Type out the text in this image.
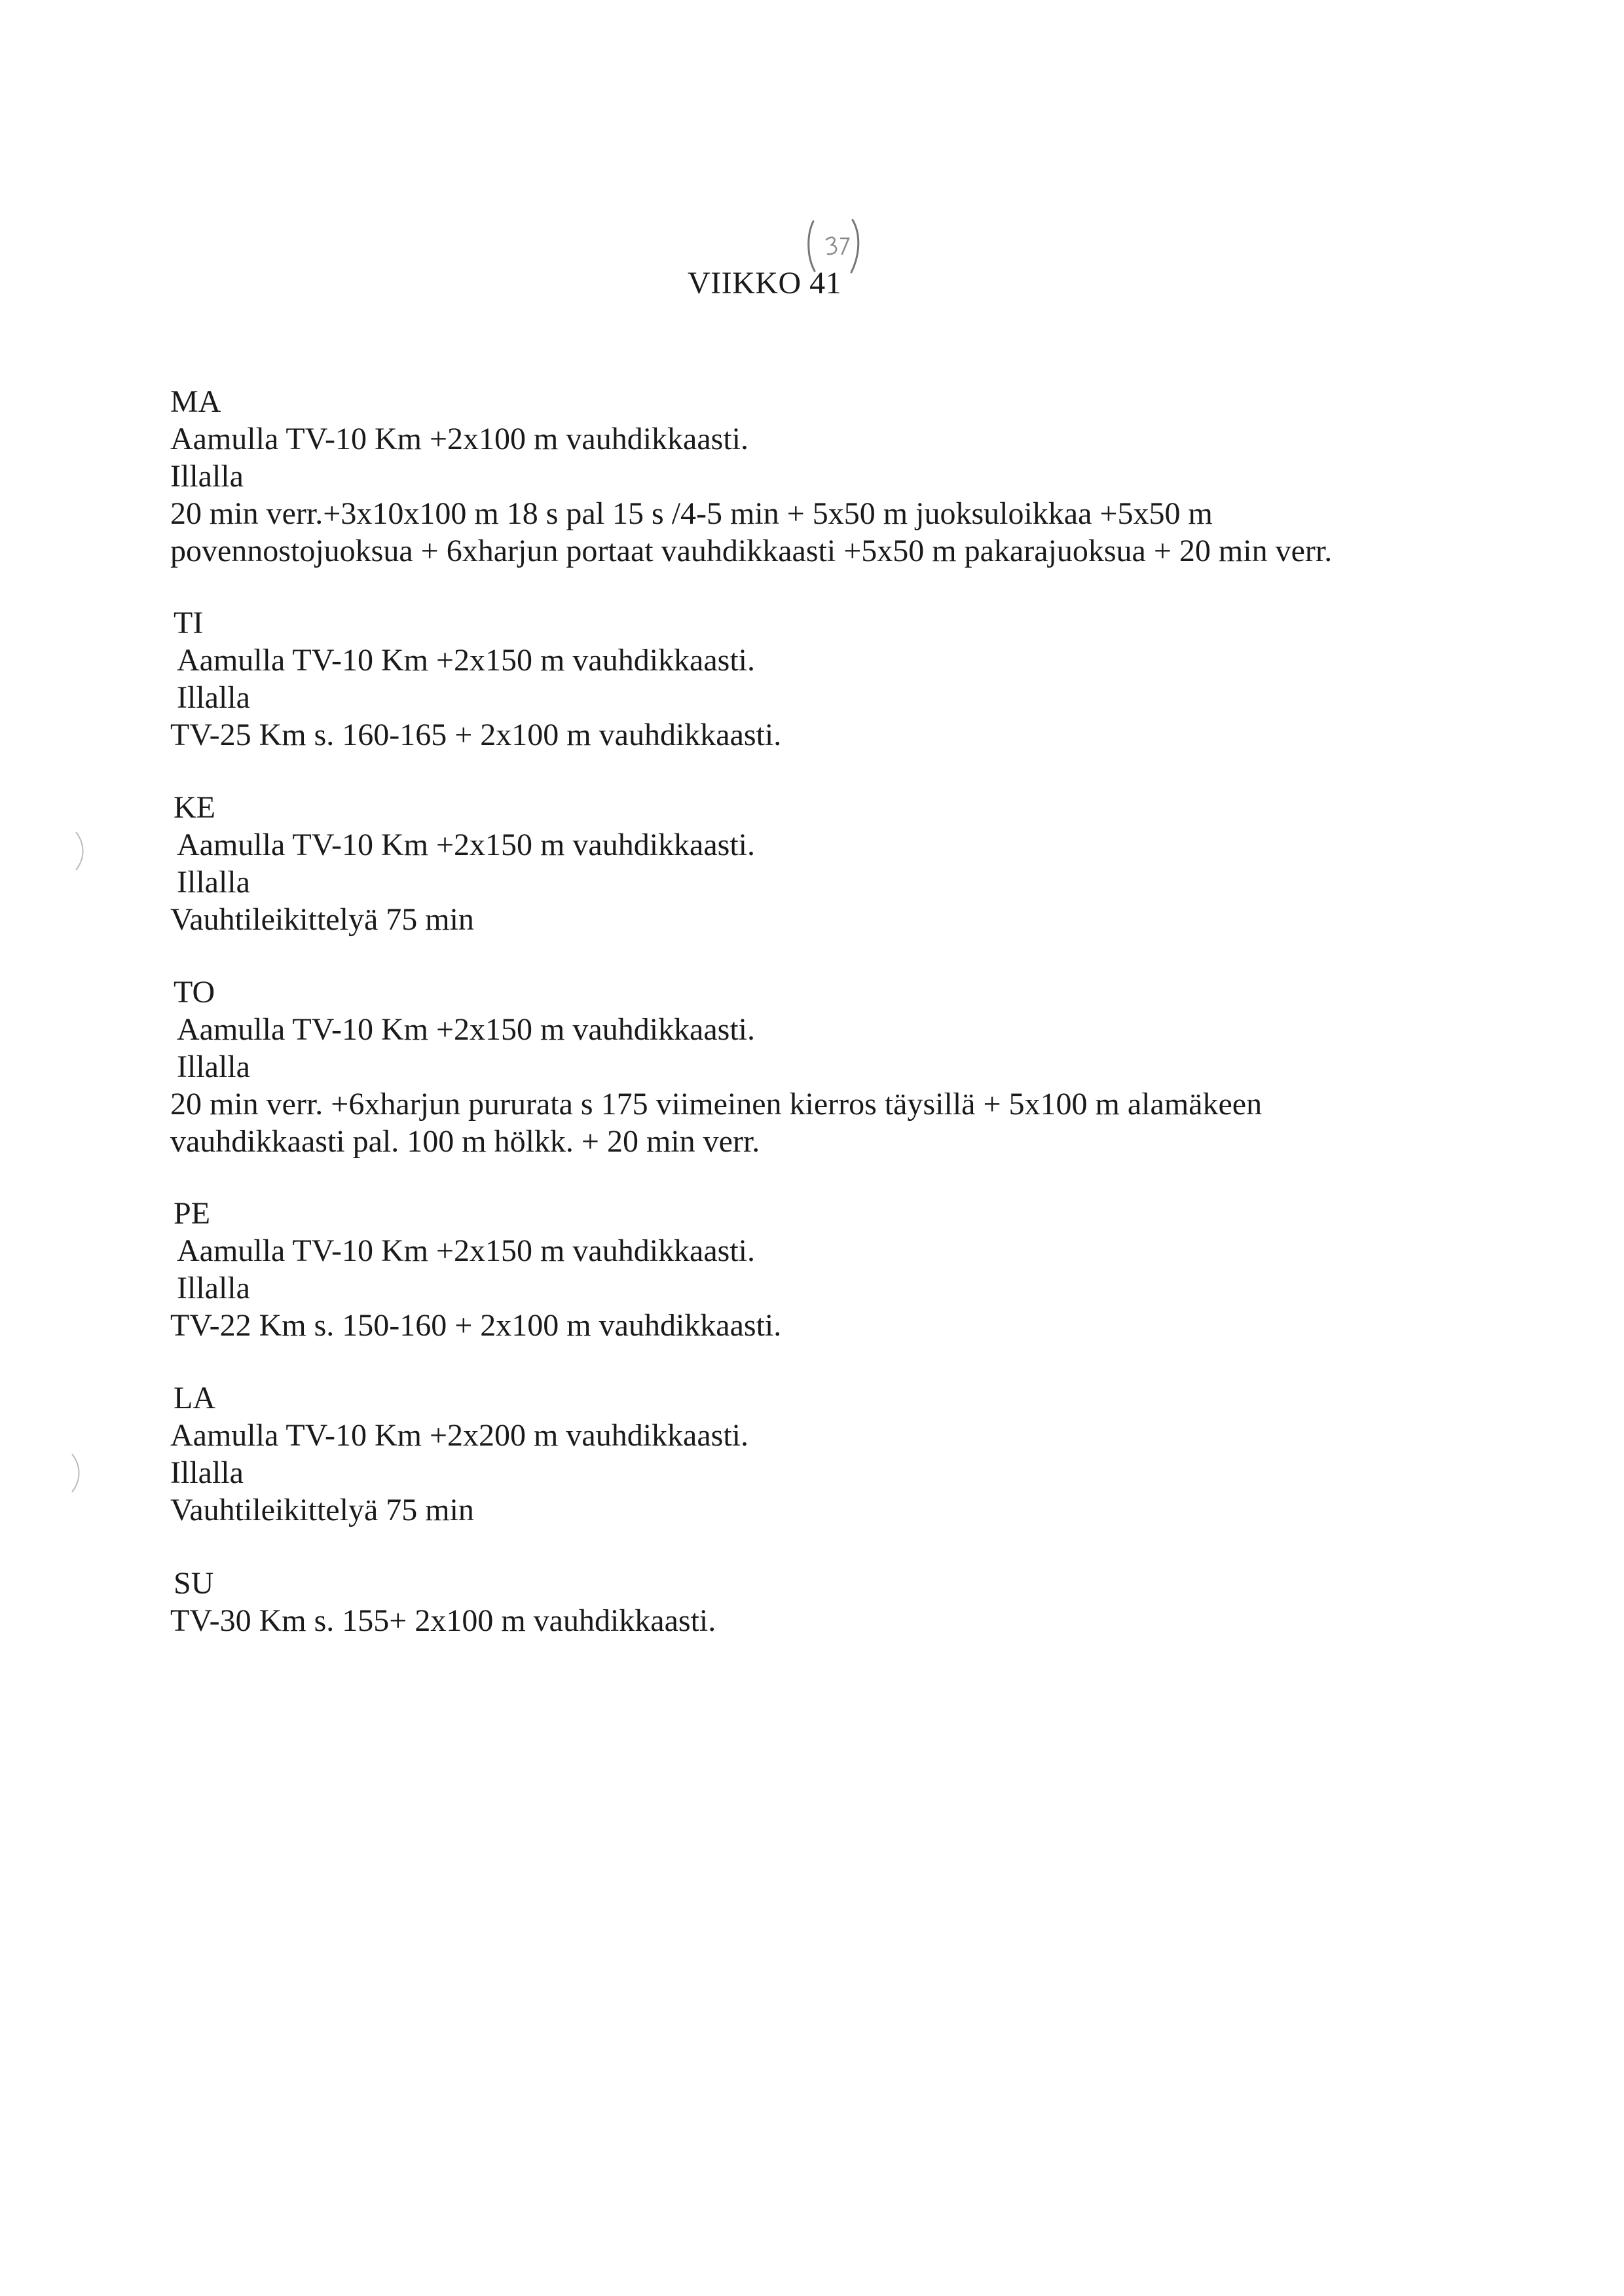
VIIKKO 41
MA
Aamulla TV-10 Km +2x100 m vauhdikkaasti.
Illalla
20 min verr.+3x10x100 m 18 s pal 15 s /4-5 min + 5x50 m juoksuloikkaa +5x50 m
povennostojuoksua + 6xharjun portaat vauhdikkaasti +5x50 m pakarajuoksua + 20 min verr.
TI
Aamulla TV-10 Km +2x150 m vauhdikkaasti.
Illalla
TV-25 Km s. 160-165 + 2x100 m vauhdikkaasti.
KE
Aamulla TV-10 Km +2x150 m vauhdikkaasti.
Illalla
Vauhtileikittelyä 75 min
TO
Aamulla TV-10 Km +2x150 m vauhdikkaasti.
Illalla
20 min verr. +6xharjun pururata s 175 viimeinen kierros täysillä + 5x100 m alamäkeen
vauhdikkaasti pal. 100 m hölkk. + 20 min verr.
PE
Aamulla TV-10 Km +2x150 m vauhdikkaasti.
Illalla
TV-22 Km s. 150-160 + 2x100 m vauhdikkaasti.
LA
Aamulla TV-10 Km +2x200 m vauhdikkaasti.
Illalla
Vauhtileikittelyä 75 min
SU
TV-30 Km s. 155+ 2x100 m vauhdikkaasti.
